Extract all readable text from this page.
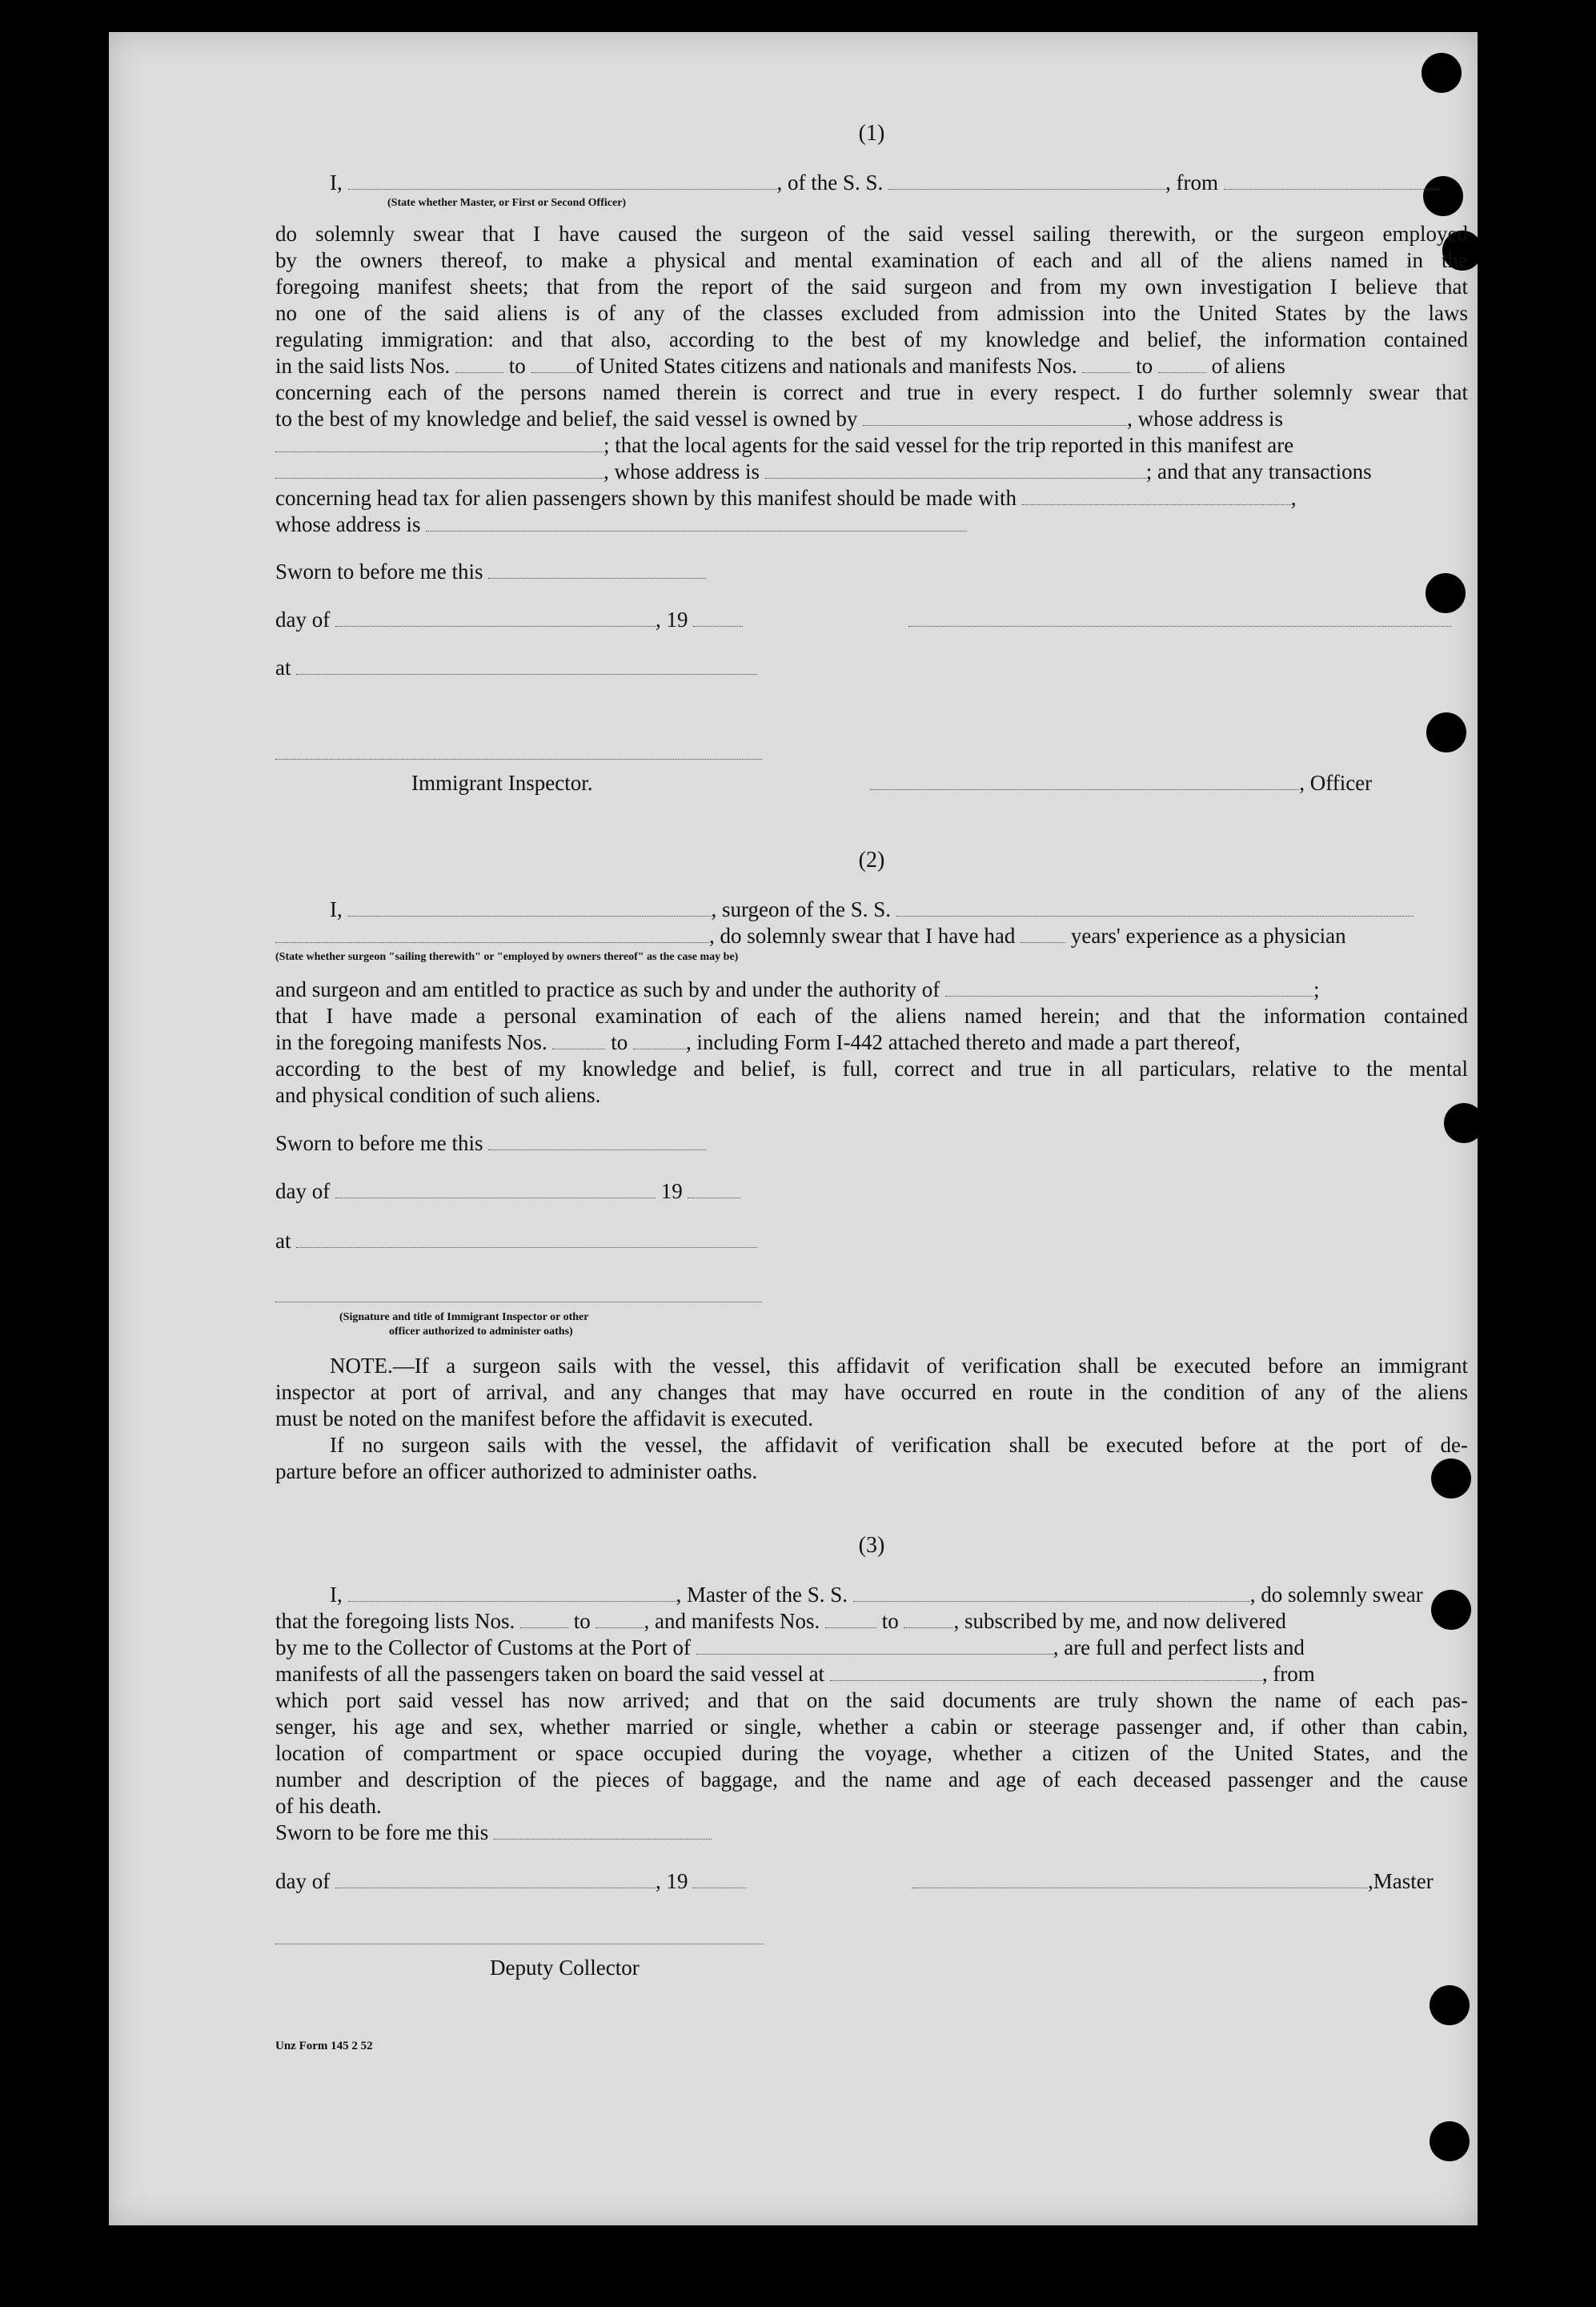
(1)
I,	, of the S. S.	, from
(State whether Master, or First or Second Officer)
do solemnly swear that I have caused the surgeon of the said vessel sailing therewith, or the surgeon employed
by the owners thereof, to make a physical and mental examination of each and all of the aliens named in the
foregoing manifest sheets; that from the report of the said surgeon and from my own investigation I believe that
no one of the said aliens is of any of the classes excluded from admission into the United States by the laws
regulating immigration: and that also, according to the best of my knowledge and belief, the information contained
in the said lists Nos.	to of United States citizens and nationals and manifests Nos.	to	of aliens
concerning each of the persons named therein is correct and true in every respect. I do further solemnly swear that
to the best of my knowledge and belief, the said vessel is owned by	, whose address is
; that the local agents for the said vessel for the trip reported in this manifest are
, whose address is	; and that any transactions
concerning head tax for alien passengers shown by this manifest should be made with	,
whose address is
Sworn to before me this
day of	, 19
at
Immigrant Inspector.	, Officer
(2)
I,	, surgeon of the S. S.
, do solemnly swear that I have had	years' experience as a physician
(State whether surgeon "sailing therewith" or "employed by owners thereof" as the case may be)
and surgeon and am entitled to practice as such by and under the authority of	;
that I have made a personal examination of each of the aliens named herein; and that the information contained
in the foregoing manifests Nos.	to	, including Form I-442 attached thereto and made a part thereof,
according to the best of my knowledge and belief, is full, correct and true in all particulars, relative to the mental
and physical condition of such aliens.
Sworn to before me this
day of	19
at
(Signature and title of Immigrant Inspector or other
officer authorized to administer oaths)
NOTE.—If a surgeon sails with the vessel, this affidavit of verification shall be executed before an immigrant
inspector at port of arrival, and any changes that may have occurred en route in the condition of any of the aliens
must be noted on the manifest before the affidavit is executed.
If no surgeon sails with the vessel, the affidavit of verification shall be executed before at the port of de-
parture before an officer authorized to administer oaths.
(3)
I,	, Master of the S. S.	, do solemnly swear
that the foregoing lists Nos.	to , and manifests Nos.	to	, subscribed by me, and now delivered
by me to the Collector of Customs at the Port of	, are full and perfect lists and
manifests of all the passengers taken on board the said vessel at	, from
which port said vessel has now arrived; and that on the said documents are truly shown the name of each pas-
senger, his age and sex, whether married or single, whether a cabin or steerage passenger and, if other than cabin,
location of compartment or space occupied during the voyage, whether a citizen of the United States, and the
number and description of the pieces of baggage, and the name and age of each deceased passenger and the cause
of his death.
Sworn to be fore me this
day of	, 19	,Master
Deputy Collector
Unz Form 145 2 52
